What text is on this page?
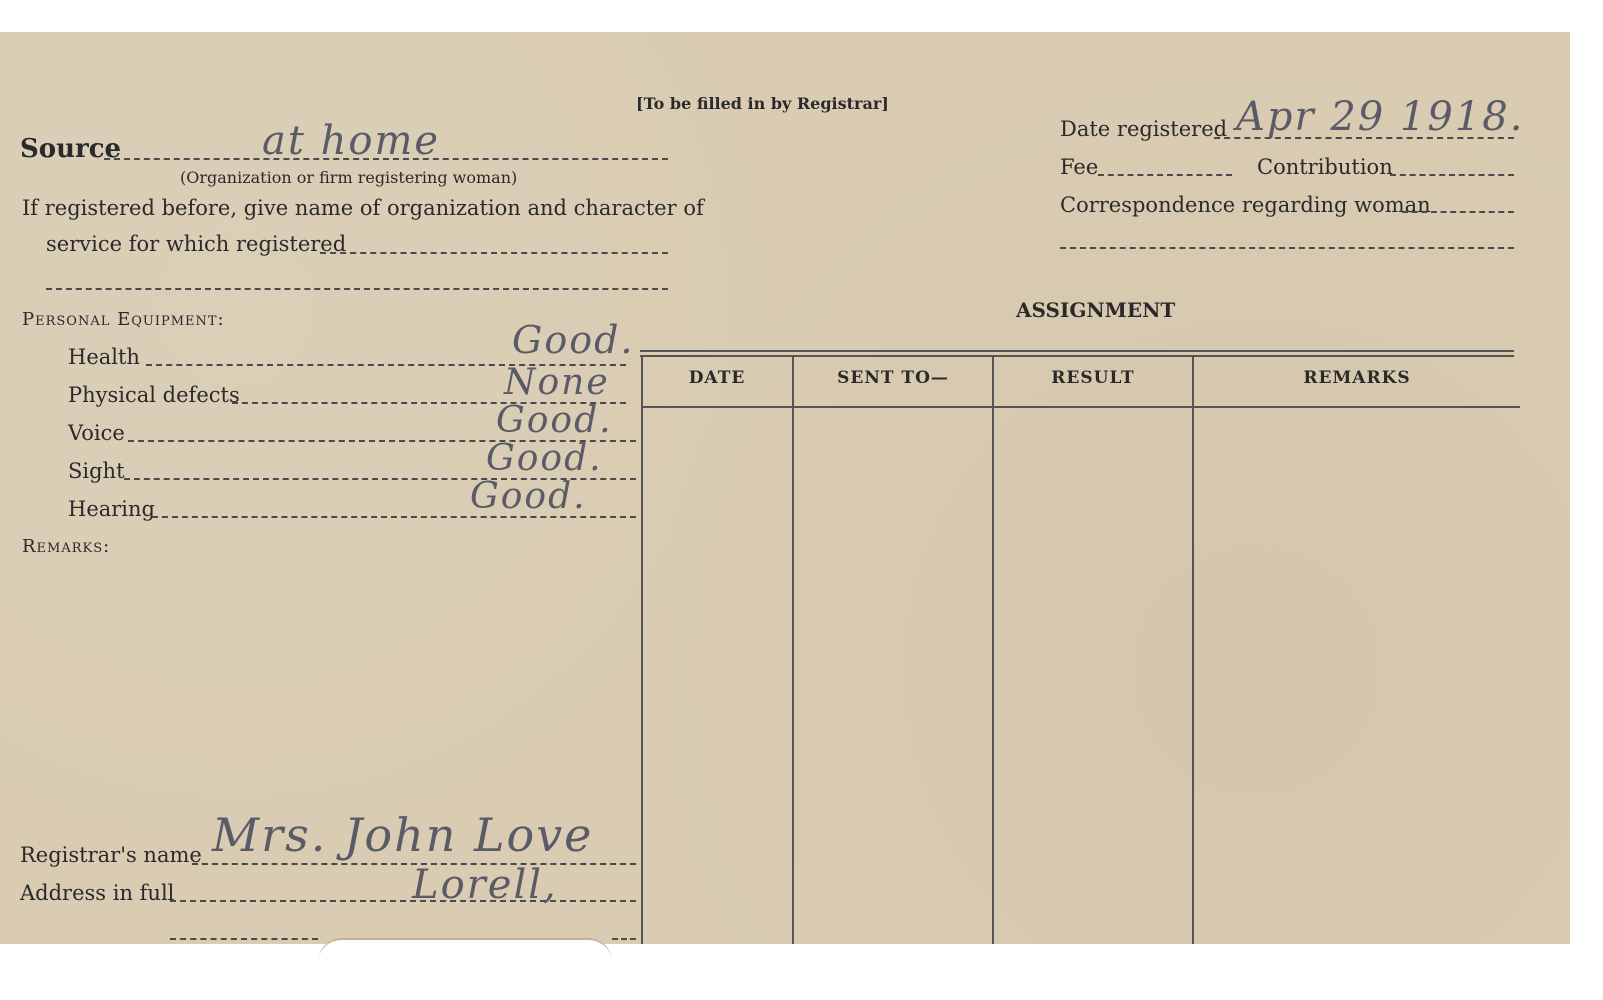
[To be filled in by Registrar]
Source	at home
(Organization or firm registering woman)
If registered before, give name of organization and character of
service for which registered
Date registered Apr 29 1918.
Fee	Contribution
Correspondence regarding woman
Personal Equipment:
Health	Good.
Physical defects	None
Voice	Good.
Sight	Good.
Hearing	Good.
Remarks:
Registrar's name Mrs. John Love
Address in full	Lorell,
ASSIGNMENT
DATE	SENT TO—	RESULT	REMARKS
